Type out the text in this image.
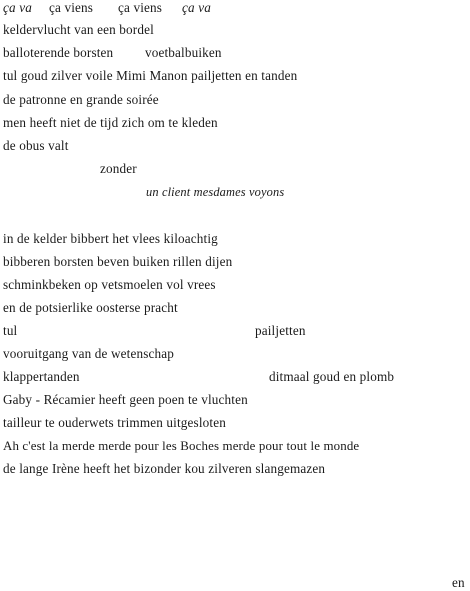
ça va ça viens ça viens ça va
keldervlucht van een bordel
balloterende borsten voetbalbuiken
tul goud zilver voile Mimi Manon pailjetten en tanden
de patronne en grande soirée
men heeft niet de tijd zich om te kleden
de obus valt
zonder
un client mesdames voyons
in de kelder bibbert het vlees kiloachtig
bibberen borsten beven buiken rillen dijen
schminkbeken op vetsmoelen vol vrees
en de potsierlike oosterse pracht
tul	pailjetten
vooruitgang van de wetenschap
klappertanden	ditmaal goud en plomb
Gaby - Récamier heeft geen poen te vluchten
tailleur te ouderwets trimmen uitgesloten
Ah c'est la merde merde pour les Boches merde pour tout le monde
de lange Irène heeft het bizonder kou zilveren slangemazen
en
